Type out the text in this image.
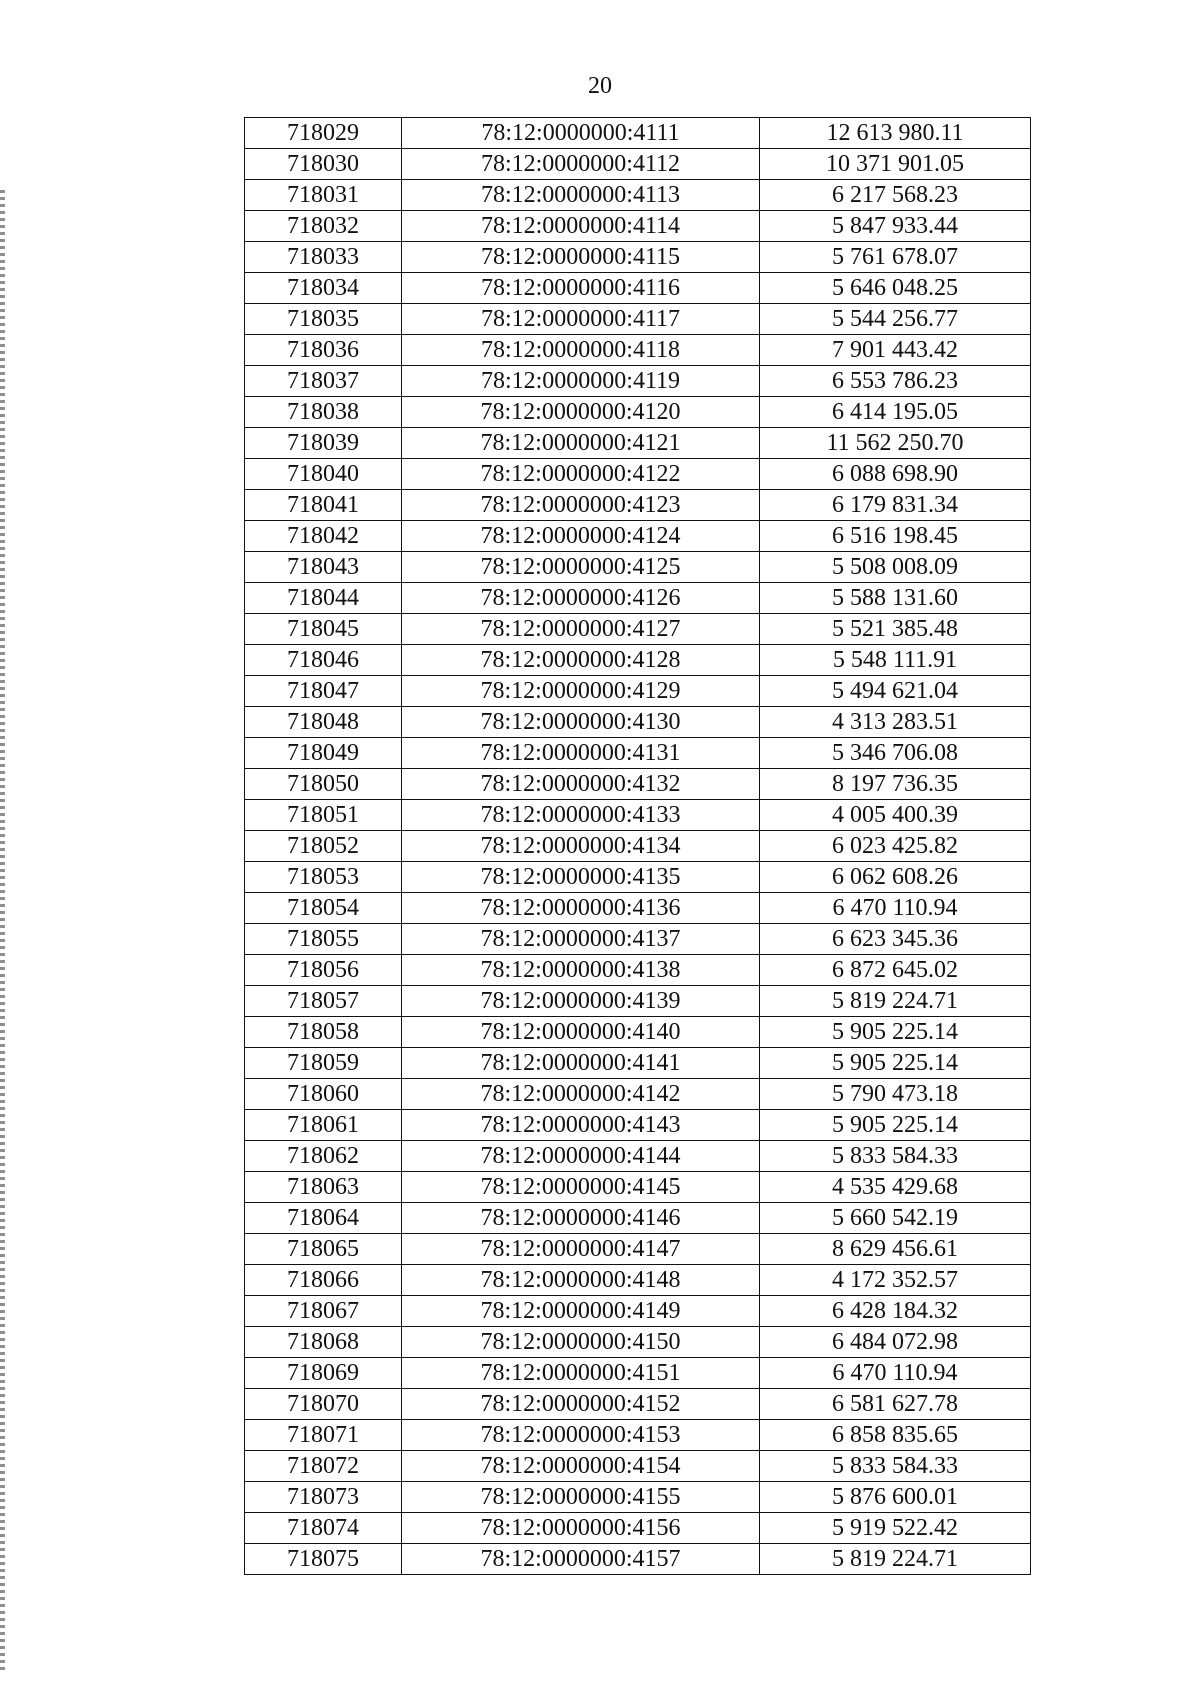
20
718029	78:12:0000000:4111	12 613 980.11
718030	78:12:0000000:4112	10 371 901.05
718031	78:12:0000000:4113	6 217 568.23
718032	78:12:0000000:4114	5 847 933.44
718033	78:12:0000000:4115	5 761 678.07
718034	78:12:0000000:4116	5 646 048.25
718035	78:12:0000000:4117	5 544 256.77
718036	78:12:0000000:4118	7 901 443.42
718037	78:12:0000000:4119	6 553 786.23
718038	78:12:0000000:4120	6 414 195.05
718039	78:12:0000000:4121	11 562 250.70
718040	78:12:0000000:4122	6 088 698.90
718041	78:12:0000000:4123	6 179 831.34
718042	78:12:0000000:4124	6 516 198.45
718043	78:12:0000000:4125	5 508 008.09
718044	78:12:0000000:4126	5 588 131.60
718045	78:12:0000000:4127	5 521 385.48
718046	78:12:0000000:4128	5 548 111.91
718047	78:12:0000000:4129	5 494 621.04
718048	78:12:0000000:4130	4 313 283.51
718049	78:12:0000000:4131	5 346 706.08
718050	78:12:0000000:4132	8 197 736.35
718051	78:12:0000000:4133	4 005 400.39
718052	78:12:0000000:4134	6 023 425.82
718053	78:12:0000000:4135	6 062 608.26
718054	78:12:0000000:4136	6 470 110.94
718055	78:12:0000000:4137	6 623 345.36
718056	78:12:0000000:4138	6 872 645.02
718057	78:12:0000000:4139	5 819 224.71
718058	78:12:0000000:4140	5 905 225.14
718059	78:12:0000000:4141	5 905 225.14
718060	78:12:0000000:4142	5 790 473.18
718061	78:12:0000000:4143	5 905 225.14
718062	78:12:0000000:4144	5 833 584.33
718063	78:12:0000000:4145	4 535 429.68
718064	78:12:0000000:4146	5 660 542.19
718065	78:12:0000000:4147	8 629 456.61
718066	78:12:0000000:4148	4 172 352.57
718067	78:12:0000000:4149	6 428 184.32
718068	78:12:0000000:4150	6 484 072.98
718069	78:12:0000000:4151	6 470 110.94
718070	78:12:0000000:4152	6 581 627.78
718071	78:12:0000000:4153	6 858 835.65
718072	78:12:0000000:4154	5 833 584.33
718073	78:12:0000000:4155	5 876 600.01
718074	78:12:0000000:4156	5 919 522.42
718075	78:12:0000000:4157	5 819 224.71
